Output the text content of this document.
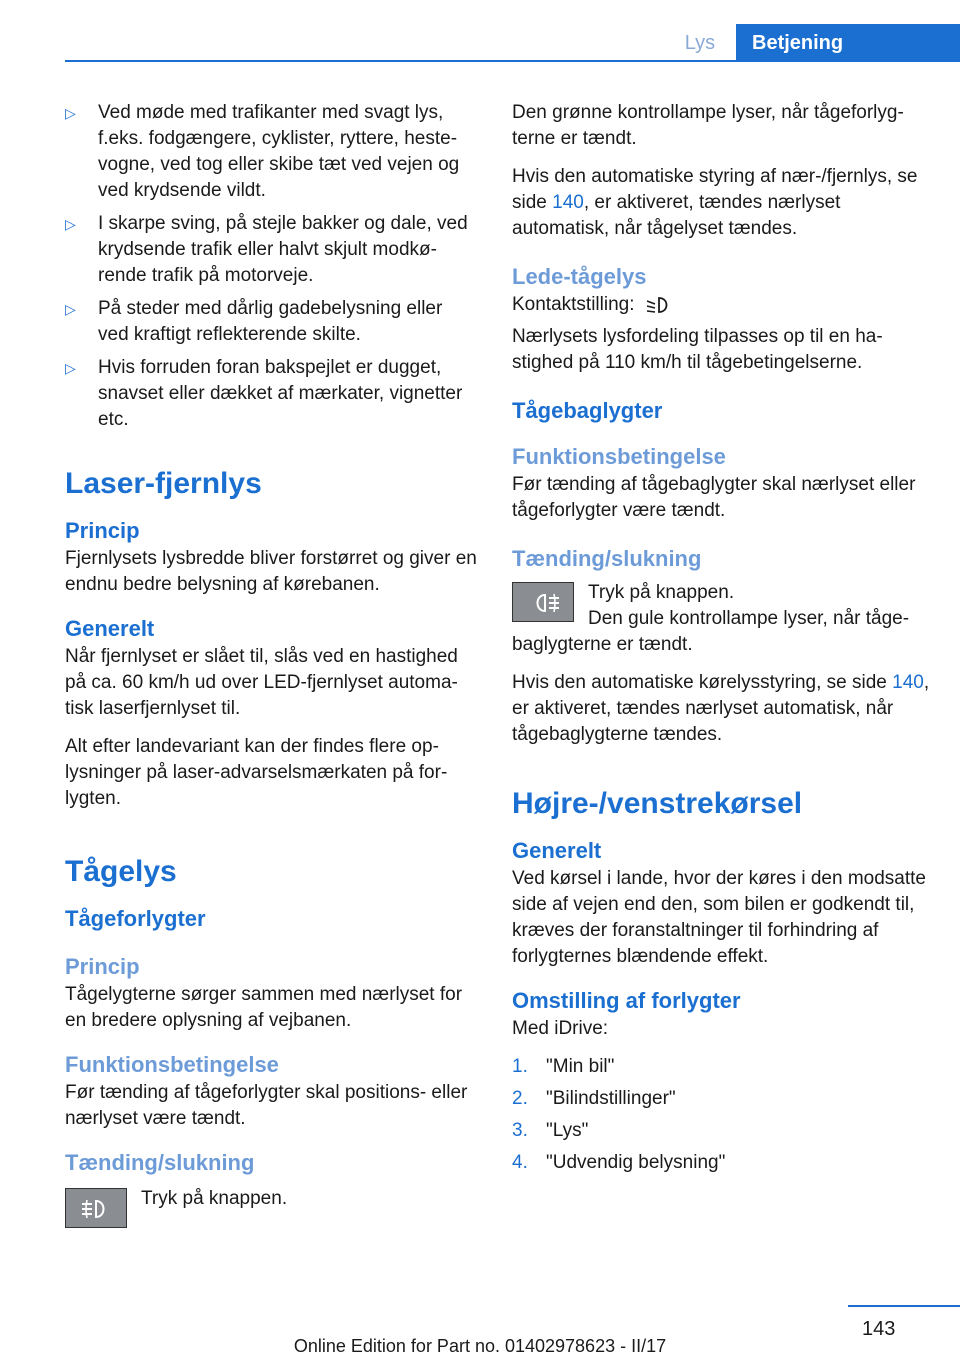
Lys	Betjening
▷ Ved møde med trafikanter med svagt lys, f.eks. fodgængere, cyklister, ryttere, hestevogne, ved tog eller skibe tæt ved vejen og ved krydsende vildt.
▷ I skarpe sving, på stejle bakker og dale, ved krydsende trafik eller halvt skjult modkørende trafik på motorveje.
▷ På steder med dårlig gadebelysning eller ved kraftigt reflekterende skilte.
▷ Hvis forruden foran bakspejlet er dugget, snavset eller dækket af mærkater, vignetter etc.
Laser-fjernlys
Princip

Fjernlysets lysbredde bliver forstørret og giver en endnu bedre belysning af kørebanen.

Generelt

Når fjernlyset er slået til, slås ved en hastighed på ca. 60 km/h ud over LED-fjernlyset automatisk laserfjernlyset til.

Alt efter landevariant kan der findes flere oplysninger på laser-advarselsmærkaten på forlygten.

Tågelys
Tågeforlygter
Princip

Tågelygterne sørger sammen med nærlyset for en bredere oplysning af vejbanen.

Funktionsbetingelse

Før tænding af tågeforlygter skal positions- eller nærlyset være tændt.

Tænding/slukning

Tryk på knappen.

Den grønne kontrollampe lyser, når tågeforlygterne er tændt.

Hvis den automatiske styring af nær-/fjernlys, se side 140, er aktiveret, tændes nærlyset automatisk, når tågelyset tændes.

Lede-tågelys

Kontaktstilling:

Nærlysets lysfordeling tilpasses op til en hastighed på 110 km/h til tågebetingelserne.

Tågebaglygter
Funktionsbetingelse

Før tænding af tågebaglygter skal nærlyset eller tågeforlygter være tændt.

Tænding/slukning

Tryk på knappen.

Den gule kontrollampe lyser, når tågebaglygterne er tændt.

Hvis den automatiske kørelysstyring, se side 140, er aktiveret, tændes nærlyset automatisk, når tågebaglygterne tændes.

Højre-/venstrekørsel
Generelt

Ved kørsel i lande, hvor der køres i den modsatte side af vejen end den, som bilen er godkendt til, kræves der foranstaltninger til forhindring af forlygternes blændende effekt.

Omstilling af forlygter

Med iDrive:

1. "Min bil"
2. "Bilindstillinger"
3. "Lys"
4. "Udvendig belysning"
143
Online Edition for Part no. 01402978623 - II/17
